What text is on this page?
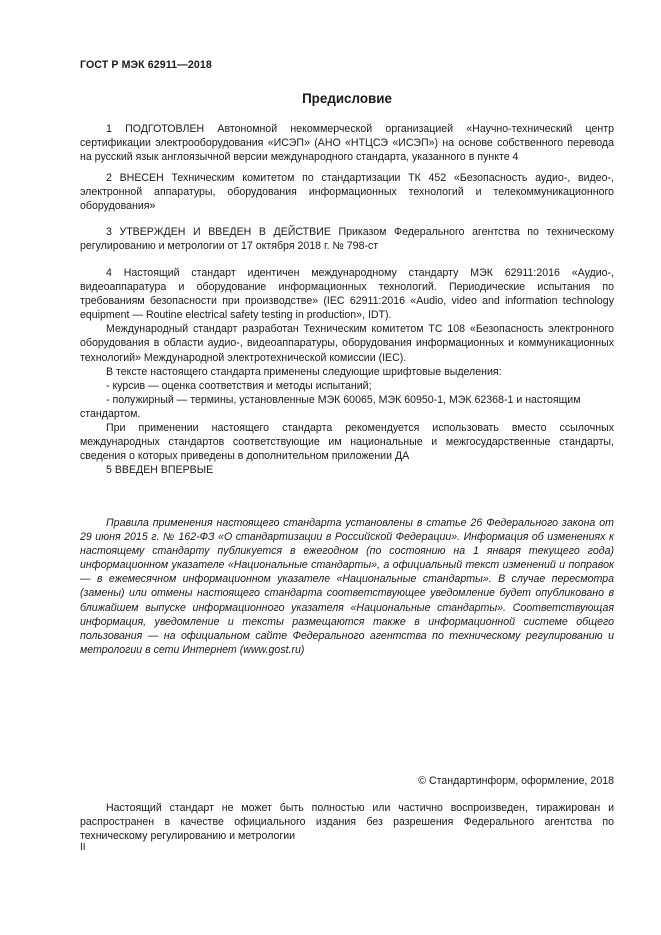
ГОСТ Р МЭК 62911—2018
Предисловие

1 ПОДГОТОВЛЕН Автономной некоммерческой организацией «Научно-технический центр сертификации электрооборудования «ИСЭП» (АНО «НТЦСЭ «ИСЭП») на основе собственного перевода на русский язык англоязычной версии международного стандарта, указанного в пункте 4

2 ВНЕСЕН Техническим комитетом по стандартизации ТК 452 «Безопасность аудио-, видео-, электронной аппаратуры, оборудования информационных технологий и телекоммуникационного оборудования»

3 УТВЕРЖДЕН И ВВЕДЕН В ДЕЙСТВИЕ Приказом Федерального агентства по техническому регулированию и метрологии от 17 октября 2018 г. № 798-ст

4 Настоящий стандарт идентичен международному стандарту МЭК 62911:2016 «Аудио-, видеоаппаратура и оборудование информационных технологий. Периодические испытания по требованиям безопасности при производстве» (IEC 62911:2016 «Audio, video and information technology equipment — Routine electrical safety testing in production», IDT).

Международный стандарт разработан Техническим комитетом ТС 108 «Безопасность электронного оборудования в области аудио-, видеоаппаратуры, оборудования информационных и коммуникационных технологий» Международной электротехнической комиссии (IEC).

В тексте настоящего стандарта применены следующие шрифтовые выделения:

- курсив — оценка соответствия и методы испытаний;

- полужирный — термины, установленные МЭК 60065, МЭК 60950-1, МЭК 62368-1 и настоящим стандартом.

При применении настоящего стандарта рекомендуется использовать вместо ссылочных международных стандартов соответствующие им национальные и межгосударственные стандарты, сведения о которых приведены в дополнительном приложении ДА

5 ВВЕДЕН ВПЕРВЫЕ

Правила применения настоящего стандарта установлены в статье 26 Федерального закона от 29 июня 2015 г. № 162-ФЗ «О стандартизации в Российской Федерации». Информация об изменениях к настоящему стандарту публикуется в ежегодном (по состоянию на 1 января текущего года) информационном указателе «Национальные стандарты», а официальный текст изменений и поправок — в ежемесячном информационном указателе «Национальные стандарты». В случае пересмотра (замены) или отмены настоящего стандарта соответствующее уведомление будет опубликовано в ближайшем выпуске информационного указателя «Национальные стандарты». Соответствующая информация, уведомление и тексты размещаются также в информационной системе общего пользования — на официальном сайте Федерального агентства по техническому регулированию и метрологии в сети Интернет (www.gost.ru)

© Стандартинформ, оформление, 2018

Настоящий стандарт не может быть полностью или частично воспроизведен, тиражирован и распространен в качестве официального издания без разрешения Федерального агентства по техническому регулированию и метрологии

II
